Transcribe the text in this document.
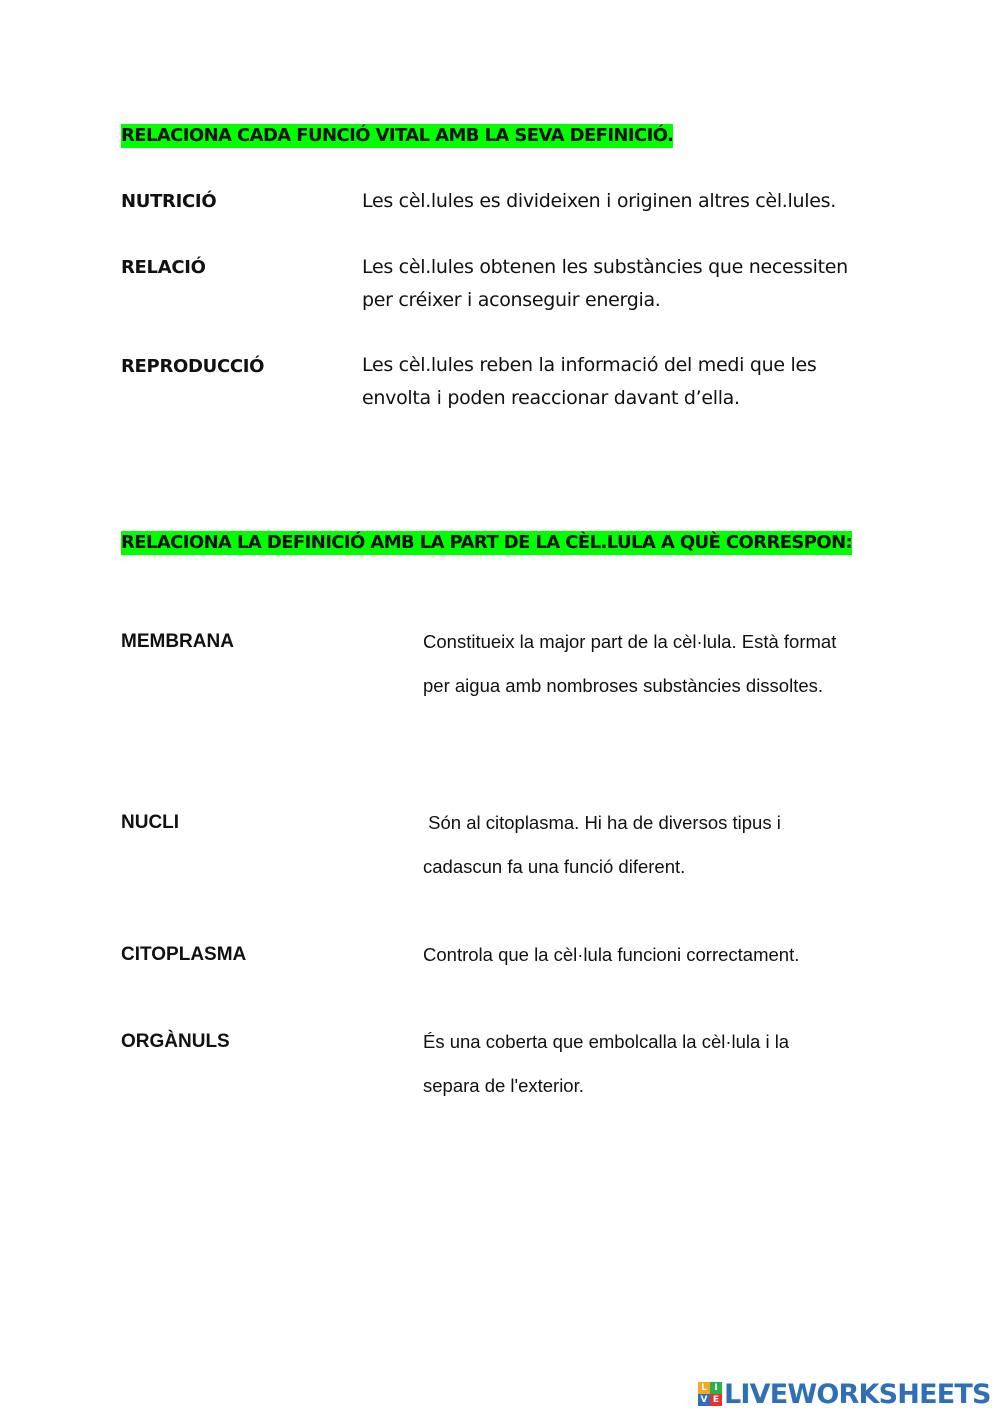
RELACIONA CADA FUNCIÓ VITAL AMB LA SEVA DEFINICIÓ.
NUTRICIÓ	Les cèl.lules es divideixen i originen altres cèl.lules.
RELACIÓ	Les cèl.lules obtenen les substàncies que necessiten per créixer i aconseguir energia.
REPRODUCCIÓ	Les cèl.lules reben la informació del medi que les envolta i poden reaccionar davant d’ella.
RELACIONA LA DEFINICIÓ AMB LA PART DE LA CÈL.LULA A QUÈ CORRESPON:
MEMBRANA	Constitueix la major part de la cèl·lula. Està format per aigua amb nombroses substàncies dissoltes.
NUCLI	Són al citoplasma. Hi ha de diversos tipus i cadascun fa una funció diferent.
CITOPLASMA	Controla que la cèl·lula funcioni correctament.
ORGÀNULS	És una coberta que embolcalla la cèl·lula i la separa de l'exterior.
L I
V E LIVEWORKSHEETS
